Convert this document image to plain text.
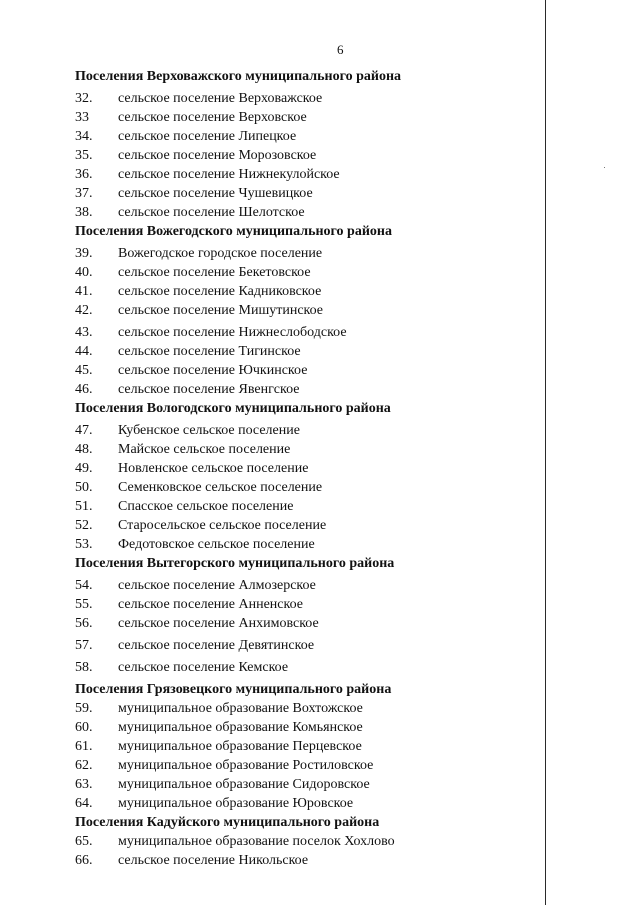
6
Поселения Верховажского муниципального района
32.	сельское поселение Верховажское
33	сельское поселение Верховское
34.	сельское поселение Липецкое
35.	сельское поселение Морозовское
36.	сельское поселение Нижнекулойское
37.	сельское поселение Чушевицкое
38.	сельское поселение Шелотское
Поселения Вожегодского муниципального района
39.	Вожегодское городское поселение
40.	сельское поселение Бекетовское
41.	сельское поселение Кадниковское
42.	сельское поселение Мишутинское
43.	сельское поселение Нижнеслободское
44.	сельское поселение Тигинское
45.	сельское поселение Ючкинское
46.	сельское поселение Явенгское
Поселения Вологодского муниципального района
47.	Кубенское сельское поселение
48.	Майское сельское поселение
49.	Новленское сельское поселение
50.	Семенковское сельское поселение
51.	Спасское сельское поселение
52.	Старосельское сельское поселение
53.	Федотовское сельское поселение
Поселения Вытегорского муниципального района
54.	сельское поселение Алмозерское
55.	сельское поселение Анненское
56.	сельское поселение Анхимовское
57.	сельское поселение Девятинское
58.	сельское поселение Кемское
Поселения Грязовецкого муниципального района
59.	муниципальное образование Вохтожское
60.	муниципальное образование Комьянское
61.	муниципальное образование Перцевское
62.	муниципальное образование Ростиловское
63.	муниципальное образование Сидоровское
64.	муниципальное образование Юровское
Поселения Кадуйского муниципального района
65.	муниципальное образование поселок Хохлово
66.	сельское поселение Никольское
